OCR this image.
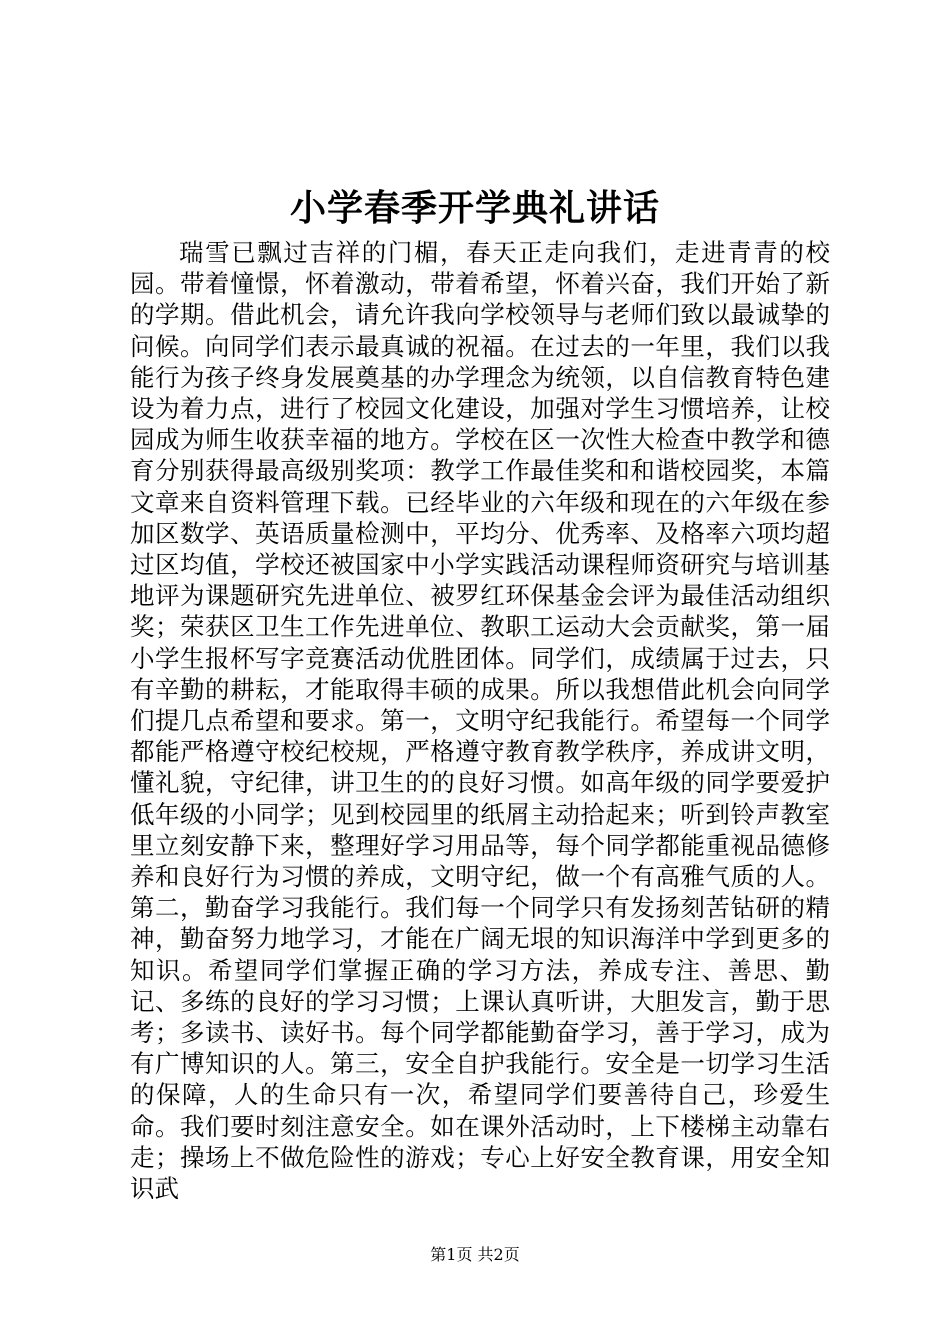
小学春季开学典礼讲话

瑞雪已飘过吉祥的门楣，春天正走向我们，走进青青的校园。带着憧憬，怀着激动，带着希望，怀着兴奋，我们开始了新的学期。借此机会，请允许我向学校领导与老师们致以最诚挚的问候。向同学们表示最真诚的祝福。在过去的一年里，我们以我能行为孩子终身发展奠基的办学理念为统领，以自信教育特色建设为着力点，进行了校园文化建设，加强对学生习惯培养，让校园成为师生收获幸福的地方。学校在区一次性大检查中教学和德育分别获得最高级别奖项：教学工作最佳奖和和谐校园奖，本篇文章来自资料管理下载。已经毕业的六年级和现在的六年级在参加区数学、英语质量检测中，平均分、优秀率、及格率六项均超过区均值，学校还被国家中小学实践活动课程师资研究与培训基地评为课题研究先进单位、被罗红环保基金会评为最佳活动组织奖；荣获区卫生工作先进单位、教职工运动大会贡献奖，第一届小学生报杯写字竞赛活动优胜团体。同学们，成绩属于过去，只有辛勤的耕耘，才能取得丰硕的成果。所以我想借此机会向同学们提几点希望和要求。第一，文明守纪我能行。希望每一个同学都能严格遵守校纪校规，严格遵守教育教学秩序，养成讲文明，懂礼貌，守纪律，讲卫生的的良好习惯。如高年级的同学要爱护低年级的小同学；见到校园里的纸屑主动拾起来；听到铃声教室里立刻安静下来，整理好学习用品等，每个同学都能重视品德修养和良好行为习惯的养成，文明守纪，做一个有高雅气质的人。第二，勤奋学习我能行。我们每一个同学只有发扬刻苦钻研的精神，勤奋努力地学习，才能在广阔无垠的知识海洋中学到更多的知识。希望同学们掌握正确的学习方法，养成专注、善思、勤记、多练的良好的学习习惯；上课认真听讲，大胆发言，勤于思考；多读书、读好书。每个同学都能勤奋学习，善于学习，成为有广博知识的人。第三，安全自护我能行。安全是一切学习生活的保障，人的生命只有一次，希望同学们要善待自己，珍爱生命。我们要时刻注意安全。如在课外活动时，上下楼梯主动靠右走；操场上不做危险性的游戏；专心上好安全教育课，用安全知识武

第1页 共2页
